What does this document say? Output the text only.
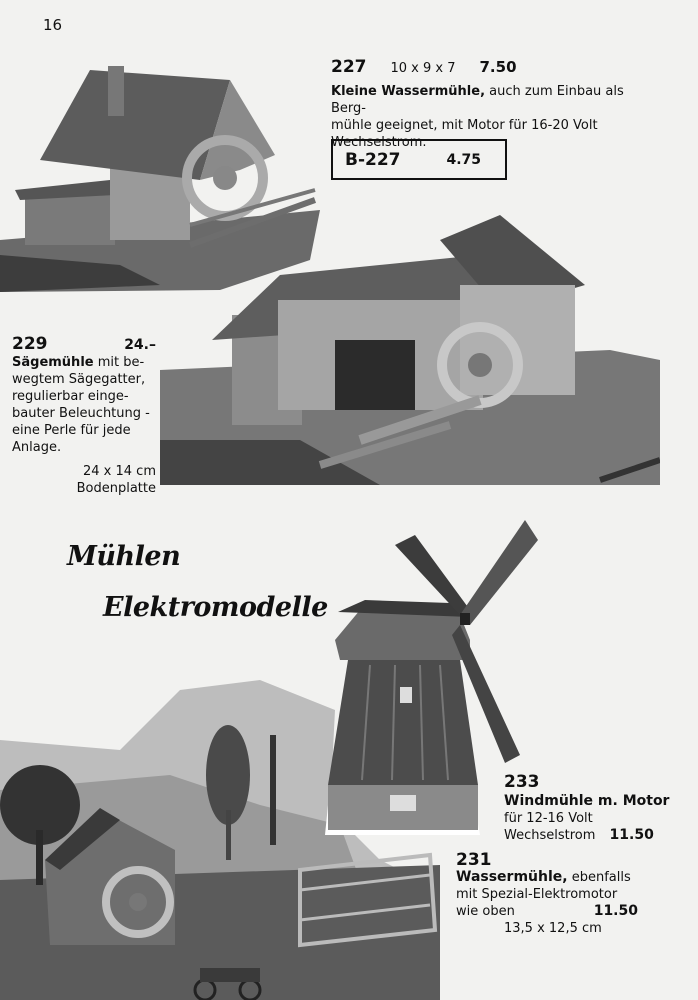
16
227 10 x 9 x 7 7.50
Kleine Wassermühle, auch zum Einbau als Berg-
mühle geeignet, mit Motor für 16-20 Volt
Wechselstrom.
B-227	4.75
229	24.–
Sägemühle mit be-
wegtem Sägegatter,
regulierbar einge-
bauter Beleuchtung -
eine Perle für jede
Anlage.
24 x 14 cm
Bodenplatte
Mühlen
Elektromodelle
233
Windmühle m. Motor
für 12-16 Volt
Wechselstrom 11.50
231
Wassermühle, ebenfalls
mit Spezial-Elektromotor
wie oben	11.50
13,5 x 12,5 cm
